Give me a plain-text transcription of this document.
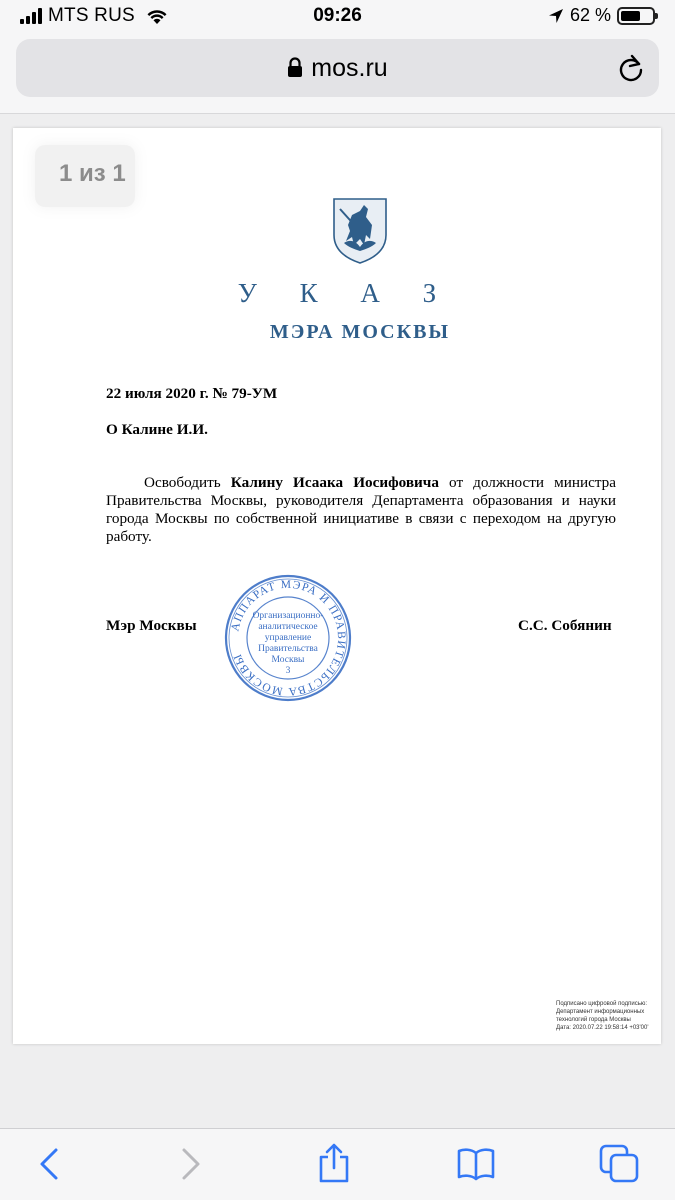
MTS RUS	09:26	62 %
mos.ru
1 из 1
У К А З
МЭРА МОСКВЫ
22 июля 2020 г. № 79-УМ
О Калине И.И.

Освободить Калину Исаака Иосифовича от должности министра Правительства Москвы, руководителя Департамента образования и науки города Москвы по собственной инициативе в связи с переходом на другую работу.

Мэр Москвы	С.С. Собянин
АППАРАТ МЭРА И ПРАВИТЕЛЬСТВА МОСКВЫ
Организационно-
аналитическое
управление
Правительства
Москвы
3
Подписано цифровой подписью:
Департамент информационных
технологий города Москвы
Дата: 2020.07.22 19:58:14 +03'00'
